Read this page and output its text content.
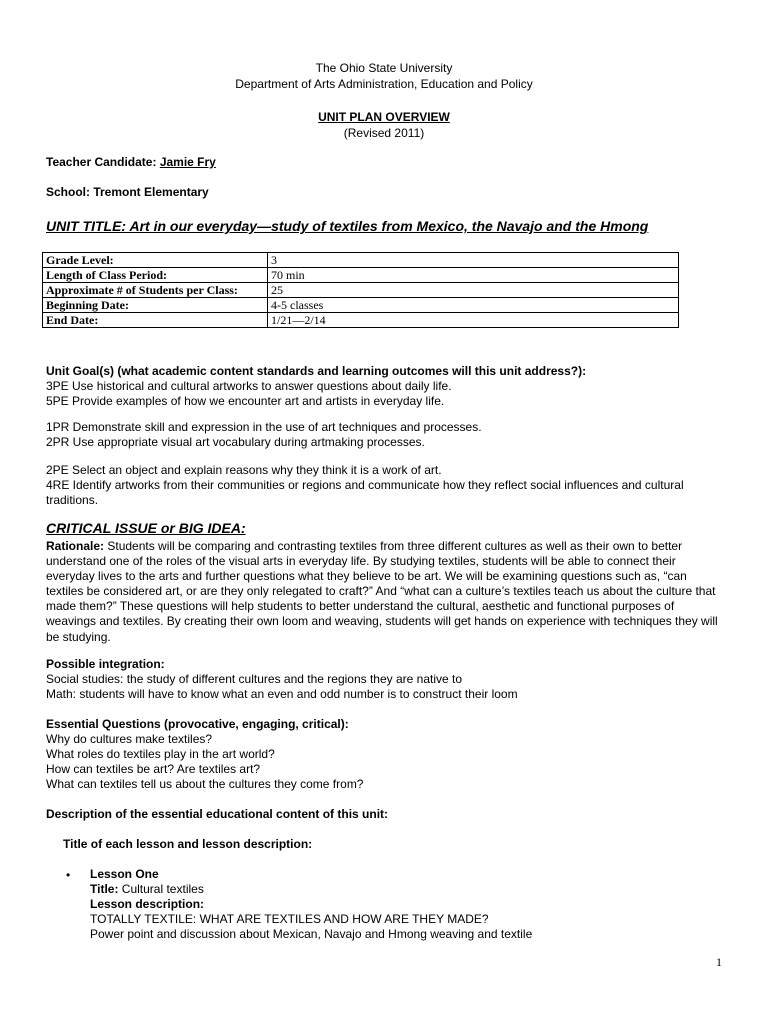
The Ohio State University
Department of Arts Administration, Education and Policy
UNIT PLAN OVERVIEW
(Revised 2011)
Teacher Candidate: Jamie Fry
School: Tremont Elementary
UNIT TITLE: Art in our everyday—study of textiles from Mexico, the Navajo and the Hmong
Grade Level:	3
Length of Class Period:	70 min
Approximate # of Students per Class:	25
Beginning Date:	4-5 classes
End Date:	1/21—2/14
Unit Goal(s) (what academic content standards and learning outcomes will this unit address?):
3PE Use historical and cultural artworks to answer questions about daily life.
5PE Provide examples of how we encounter art and artists in everyday life.
1PR Demonstrate skill and expression in the use of art techniques and processes.
2PR Use appropriate visual art vocabulary during artmaking processes.
2PE Select an object and explain reasons why they think it is a work of art.
4RE Identify artworks from their communities or regions and communicate how they reflect social influences and cultural
traditions.
CRITICAL ISSUE or BIG IDEA:
Rationale: Students will be comparing and contrasting textiles from three different cultures as well as their own to better understand one of the roles of the visual arts in everyday life. By studying textiles, students will be able to connect their everyday lives to the arts and further questions what they believe to be art. We will be examining questions such as, “can textiles be considered art, or are they only relegated to craft?” And “what can a culture’s textiles teach us about the culture that made them?” These questions will help students to better understand the cultural, aesthetic and functional purposes of weavings and textiles. By creating their own loom and weaving, students will get hands on experience with techniques they will be studying.
Possible integration:
Social studies: the study of different cultures and the regions they are native to
Math: students will have to know what an even and odd number is to construct their loom
Essential Questions (provocative, engaging, critical):
Why do cultures make textiles?
What roles do textiles play in the art world?
How can textiles be art? Are textiles art?
What can textiles tell us about the cultures they come from?
Description of the essential educational content of this unit:
Title of each lesson and lesson description:
• Lesson One
Title: Cultural textiles
Lesson description:
TOTALLY TEXTILE: WHAT ARE TEXTILES AND HOW ARE THEY MADE?
Power point and discussion about Mexican, Navajo and Hmong weaving and textile
1
